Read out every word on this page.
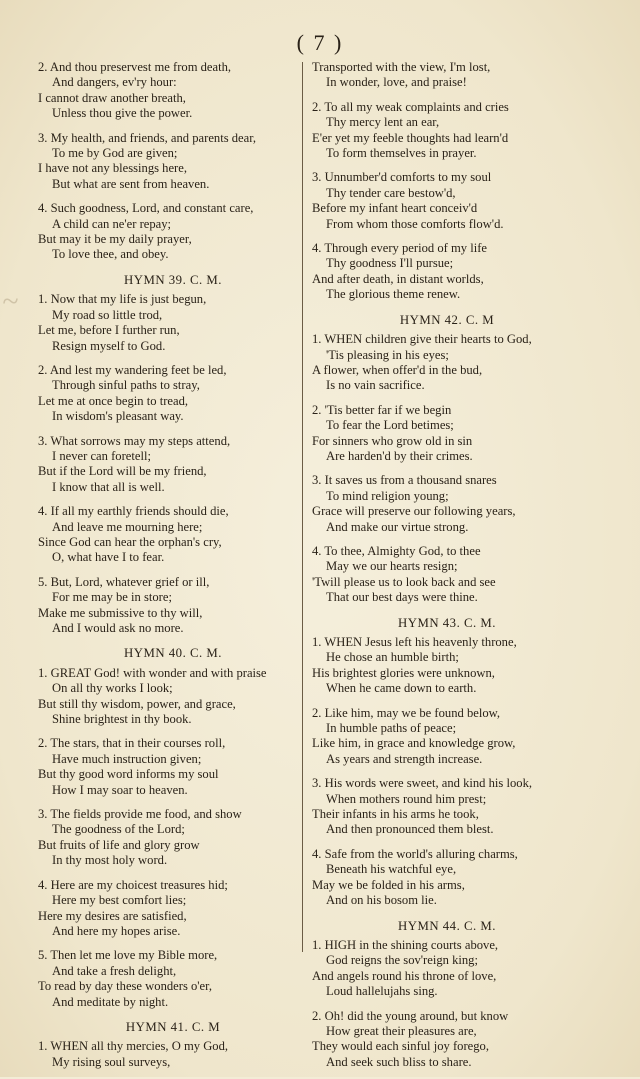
( 7 )
~
2. And thou preservest me from death,
And dangers, ev'ry hour:
I cannot draw another breath,
Unless thou give the power.
3. My health, and friends, and parents dear,
To me by God are given;
I have not any blessings here,
But what are sent from heaven.
4. Such goodness, Lord, and constant care,
A child can ne'er repay;
But may it be my daily prayer,
To love thee, and obey.
HYMN 39. C. M.
1. Now that my life is just begun,
My road so little trod,
Let me, before I further run,
Resign myself to God.
2. And lest my wandering feet be led,
Through sinful paths to stray,
Let me at once begin to tread,
In wisdom's pleasant way.
3. What sorrows may my steps attend,
I never can foretell;
But if the Lord will be my friend,
I know that all is well.
4. If all my earthly friends should die,
And leave me mourning here;
Since God can hear the orphan's cry,
O, what have I to fear.
5. But, Lord, whatever grief or ill,
For me may be in store;
Make me submissive to thy will,
And I would ask no more.
HYMN 40. C. M.
1. GREAT God! with wonder and with praise
On all thy works I look;
But still thy wisdom, power, and grace,
Shine brightest in thy book.
2. The stars, that in their courses roll,
Have much instruction given;
But thy good word informs my soul
How I may soar to heaven.
3. The fields provide me food, and show
The goodness of the Lord;
But fruits of life and glory grow
In thy most holy word.
4. Here are my choicest treasures hid;
Here my best comfort lies;
Here my desires are satisfied,
And here my hopes arise.
5. Then let me love my Bible more,
And take a fresh delight,
To read by day these wonders o'er,
And meditate by night.
HYMN 41. C. M
1. WHEN all thy mercies, O my God,
My rising soul surveys,
Transported with the view, I'm lost,
In wonder, love, and praise!
2. To all my weak complaints and cries
Thy mercy lent an ear,
E'er yet my feeble thoughts had learn'd
To form themselves in prayer.
3. Unnumber'd comforts to my soul
Thy tender care bestow'd,
Before my infant heart conceiv'd
From whom those comforts flow'd.
4. Through every period of my life
Thy goodness I'll pursue;
And after death, in distant worlds,
The glorious theme renew.
HYMN 42. C. M
1. WHEN children give their hearts to God,
'Tis pleasing in his eyes;
A flower, when offer'd in the bud,
Is no vain sacrifice.
2. 'Tis better far if we begin
To fear the Lord betimes;
For sinners who grow old in sin
Are harden'd by their crimes.
3. It saves us from a thousand snares
To mind religion young;
Grace will preserve our following years,
And make our virtue strong.
4. To thee, Almighty God, to thee
May we our hearts resign;
'Twill please us to look back and see
That our best days were thine.
HYMN 43. C. M.
1. WHEN Jesus left his heavenly throne,
He chose an humble birth;
His brightest glories were unknown,
When he came down to earth.
2. Like him, may we be found below,
In humble paths of peace;
Like him, in grace and knowledge grow,
As years and strength increase.
3. His words were sweet, and kind his look,
When mothers round him prest;
Their infants in his arms he took,
And then pronounced them blest.
4. Safe from the world's alluring charms,
Beneath his watchful eye,
May we be folded in his arms,
And on his bosom lie.
HYMN 44. C. M.
1. HIGH in the shining courts above,
God reigns the sov'reign king;
And angels round his throne of love,
Loud hallelujahs sing.
2. Oh! did the young around, but know
How great their pleasures are,
They would each sinful joy forego,
And seek such bliss to share.
